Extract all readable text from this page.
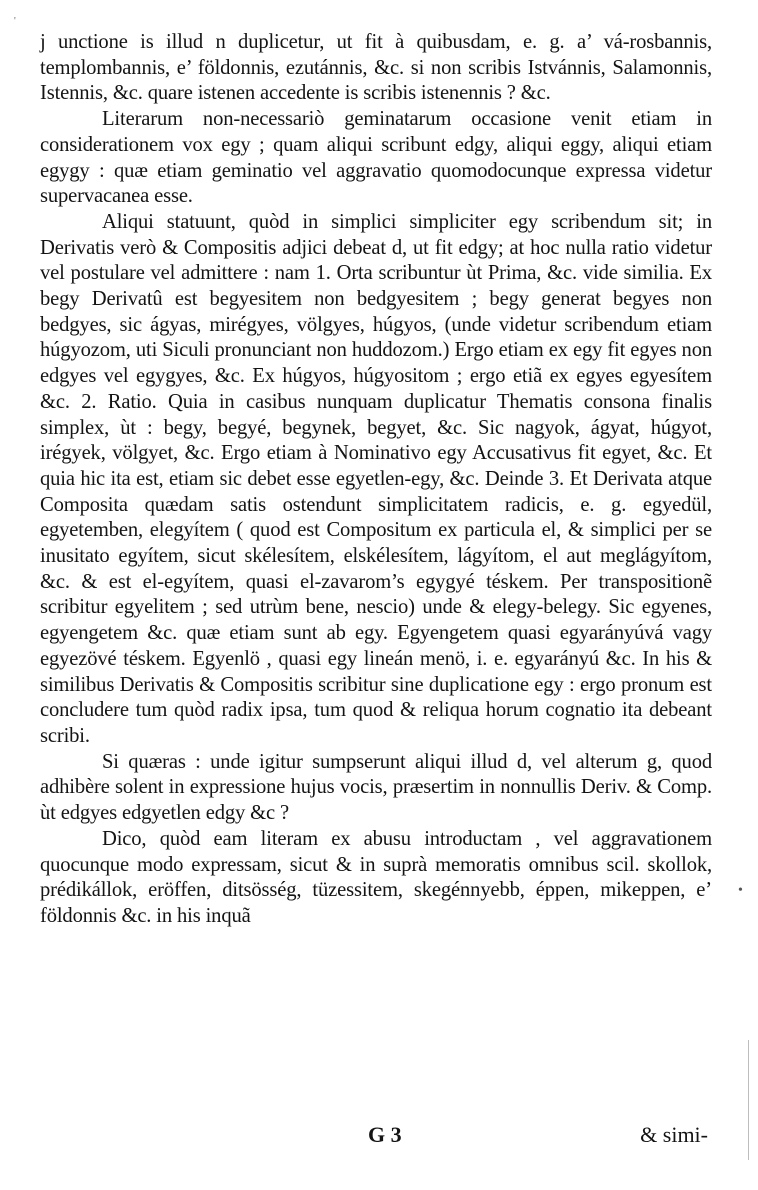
'

j unctione is illud n duplicetur, ut fit à quibusdam, e. g. a’ vá-rosbannis, templombannis, e’ földonnis, ezutánnis, &c. si non scribis Istvánnis, Salamonnis, Istennis, &c. quare istenen accedente is scribis istenennis ? &c.

Literarum non-necessariò geminatarum occasione venit etiam in considerationem vox egy ; quam aliqui scribunt edgy, aliqui eggy, aliqui etiam egygy : quæ etiam geminatio vel aggravatio quomodocunque expressa videtur supervacanea esse.

Aliqui statuunt, quòd in simplici simpliciter egy scribendum sit; in Derivatis verò & Compositis adjici debeat d, ut fit edgy; at hoc nulla ratio videtur vel postulare vel admittere : nam 1. Orta scribuntur ùt Prima, &c. vide similia. Ex begy Derivatû est begyesitem non bedgyesitem ; begy generat begyes non bedgyes, sic ágyas, mirégyes, völgyes, húgyos, (unde videtur scribendum etiam húgyozom, uti Siculi pronunciant non huddozom.) Ergo etiam ex egy fit egyes non edgyes vel egygyes, &c. Ex húgyos, húgyositom ; ergo etiã ex egyes egyesítem &c. 2. Ratio. Quia in casibus nunquam duplicatur Thematis consona finalis simplex, ùt : begy, begyé, begynek, begyet, &c. Sic nagyok, ágyat, húgyot, irégyek, völgyet, &c. Ergo etiam à Nominativo egy Accusativus fit egyet, &c. Et quia hic ita est, etiam sic debet esse egyetlen-egy, &c. Deinde 3. Et Derivata atque Composita quædam satis ostendunt simplicitatem radicis, e. g. egyedül, egyetemben, elegyítem ( quod est Compositum ex particula el, & simplici per se inusitato egyítem, sicut skélesítem, elskélesítem, lágyítom, el aut meglágyítom, &c. & est el-egyítem, quasi el-zavarom’s egygyé téskem. Per transpositionẽ scribitur egyelitem ; sed utrùm bene, nescio) unde & elegy-belegy. Sic egyenes, egyengetem &c. quæ etiam sunt ab egy. Egyengetem quasi egyarányúvá vagy egyezövé téskem. Egyenlö , quasi egy lineán menö, i. e. egyarányú &c. In his & similibus Derivatis & Compositis scribitur sine duplicatione egy : ergo pronum est concludere tum quòd radix ipsa, tum quod & reliqua horum cognatio ita debeant scribi.

Si quæras : unde igitur sumpserunt aliqui illud d, vel alterum g, quod adhibère solent in expressione hujus vocis, præsertim in nonnullis Deriv. & Comp. ùt edgyes edgyetlen edgy &c ?

Dico, quòd eam literam ex abusu introductam , vel aggravationem quocunque modo expressam, sicut & in suprà memoratis omnibus scil. skollok, prédikállok, eröffen, ditsösség, tüzessitem, skegénnyebb, éppen, mikeppen, e’ földonnis &c. in his inquã

•
G 3	& simi-
